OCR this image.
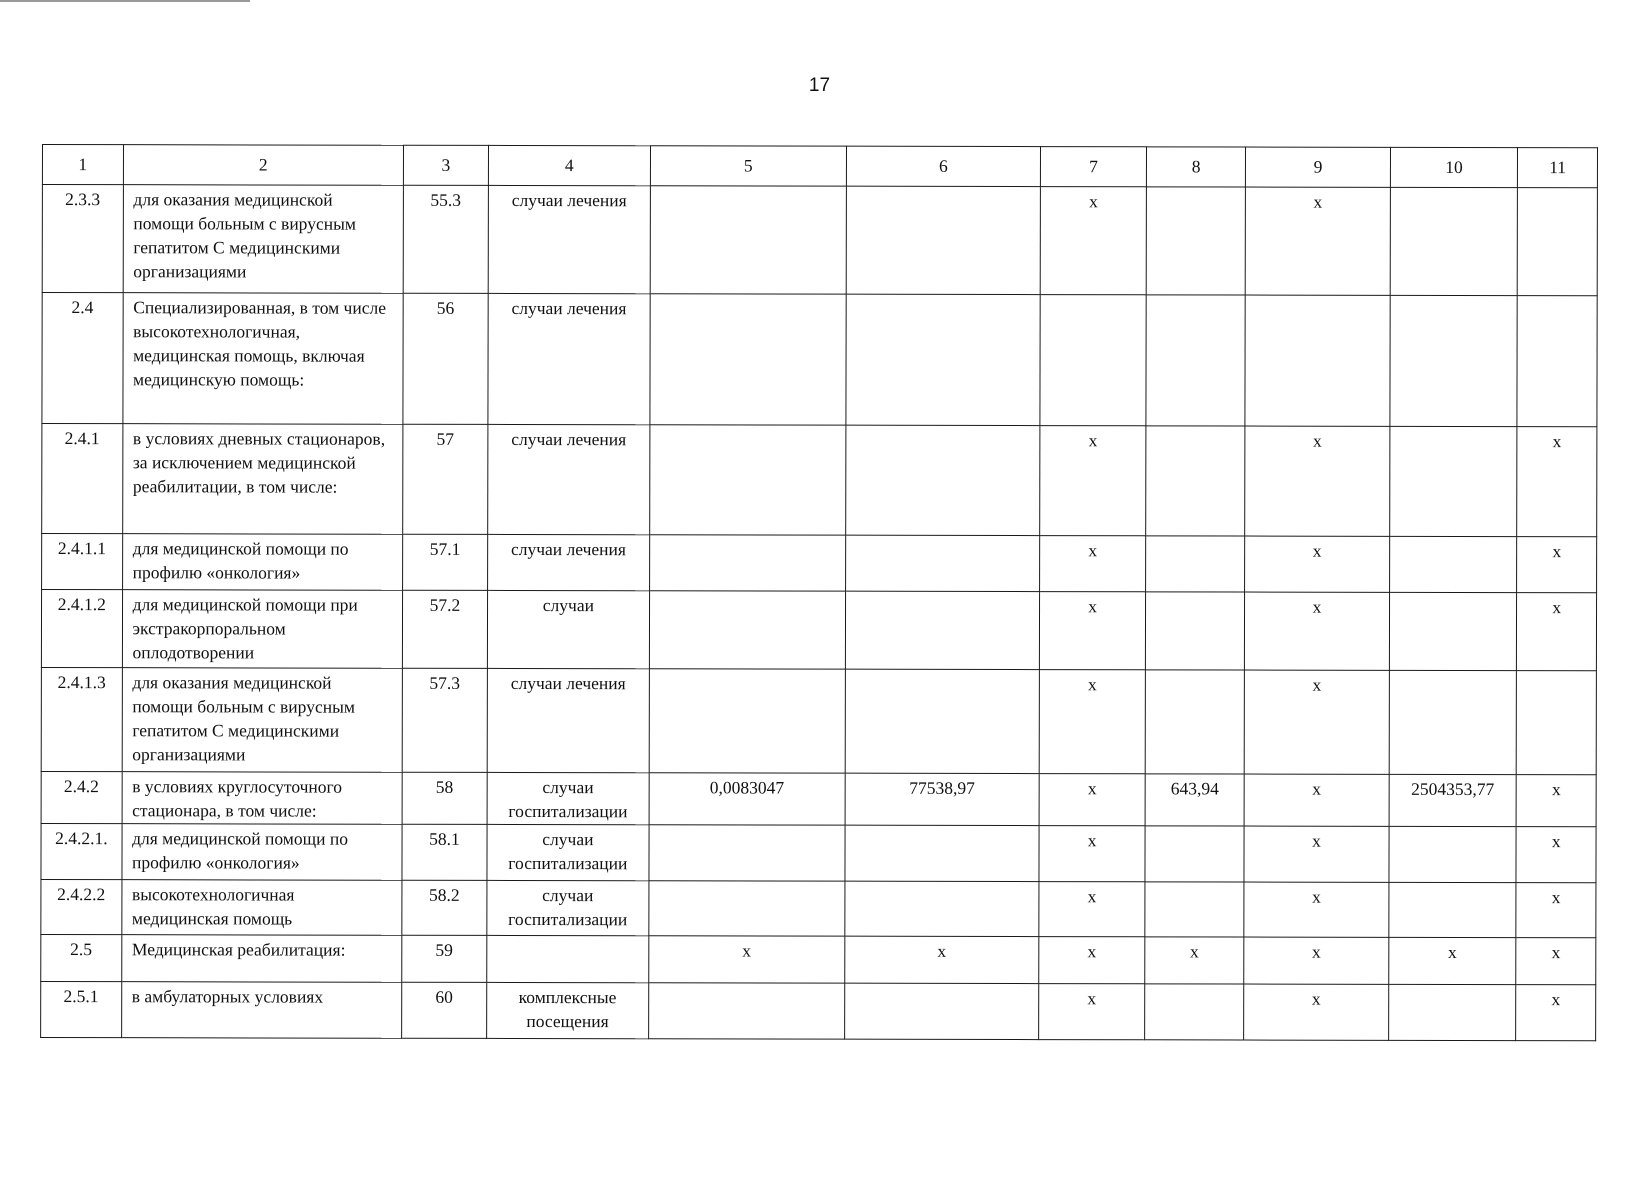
17
1	2	3	4	5	6	7	8	9	10	11
2.3.3	для оказания медицинской помощи больным с вирусным гепатитом С медицинскими организациями	55.3	случаи лечения			х		х		
2.4	Специализированная, в том числе высокотехнологичная, медицинская помощь, включая медицинскую помощь:	56	случаи лечения							
2.4.1	в условиях дневных стационаров, за исключением медицинской реабилитации, в том числе:	57	случаи лечения			х		х		х
2.4.1.1	для медицинской помощи по профилю «онкология»	57.1	случаи лечения			х		х		х
2.4.1.2	для медицинской помощи при экстракорпоральном оплодотворении	57.2	случаи			х		х		х
2.4.1.3	для оказания медицинской помощи больным с вирусным гепатитом С медицинскими организациями	57.3	случаи лечения			х		х		
2.4.2	в условиях круглосуточного стационара, в том числе:	58	случаи госпитализации	0,0083047	77538,97	х	643,94	х	2504353,77	х
2.4.2.1.	для медицинской помощи по профилю «онкология»	58.1	случаи госпитализации			х		х		х
2.4.2.2	высокотехнологичная медицинская помощь	58.2	случаи госпитализации			х		х		х
2.5	Медицинская реабилитация:	59		х	х	х	х	х	х	х
2.5.1	в амбулаторных условиях	60	комплексные посещения			х		х		х
